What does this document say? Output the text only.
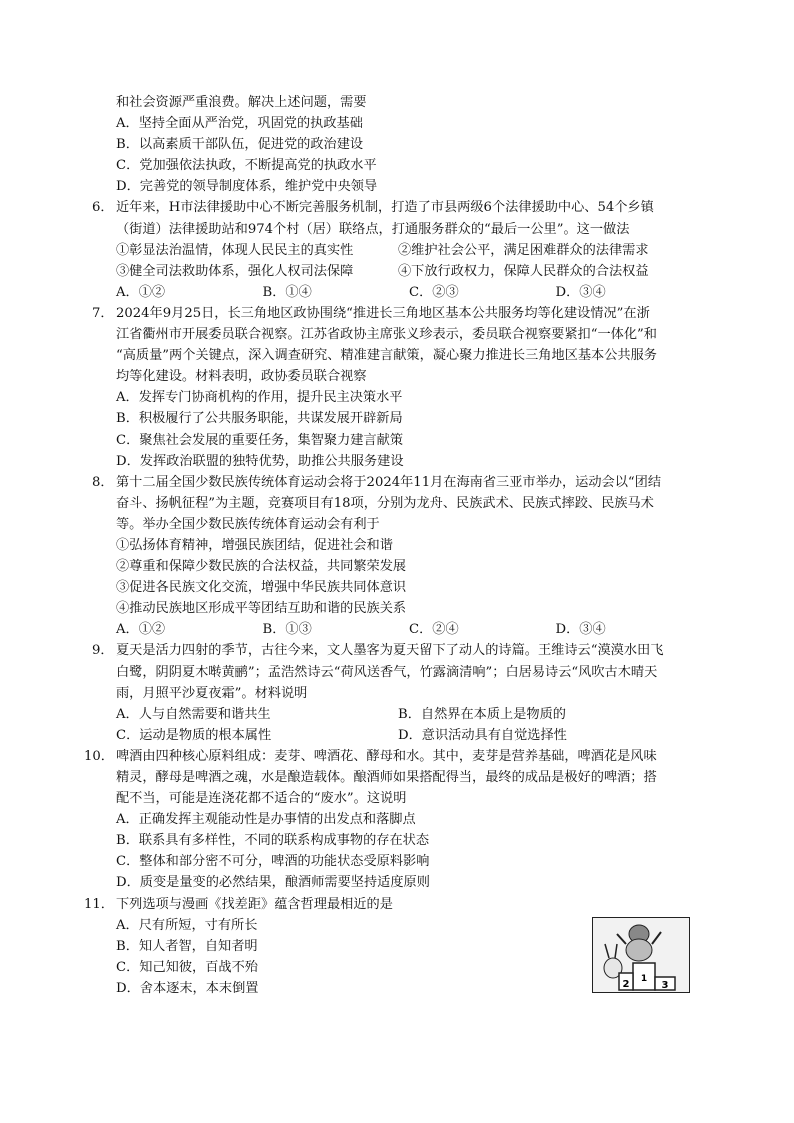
和社会资源严重浪费。解决上述问题，需要
A．坚持全面从严治党，巩固党的执政基础
B．以高素质干部队伍，促进党的政治建设
C．党加强依法执政，不断提高党的执政水平
D．完善党的领导制度体系，维护党中央领导
6． 近年来，H市法律援助中心不断完善服务机制，打造了市县两级6个法律援助中心、54个乡镇
（街道）法律援助站和974个村（居）联络点，打通服务群众的“最后一公里”。这一做法
①彰显法治温情，体现人民民主的真实性	②维护社会公平，满足困难群众的法律需求
③健全司法救助体系，强化人权司法保障	④下放行政权力，保障人民群众的合法权益
A．①②	B．①④	C．②③	D．③④
7． 2024年9月25日，长三角地区政协围绕“推进长三角地区基本公共服务均等化建设情况”在浙
江省衢州市开展委员联合视察。江苏省政协主席张义珍表示，委员联合视察要紧扣“一体化”和
“高质量”两个关键点，深入调查研究、精准建言献策，凝心聚力推进长三角地区基本公共服务
均等化建设。材料表明，政协委员联合视察
A．发挥专门协商机构的作用，提升民主决策水平
B．积极履行了公共服务职能，共谋发展开辟新局
C．聚焦社会发展的重要任务，集智聚力建言献策
D．发挥政治联盟的独特优势，助推公共服务建设
8． 第十二届全国少数民族传统体育运动会将于2024年11月在海南省三亚市举办，运动会以“团结
奋斗、扬帆征程”为主题，竞赛项目有18项，分别为龙舟、民族武术、民族式摔跤、民族马术
等。举办全国少数民族传统体育运动会有利于
①弘扬体育精神，增强民族团结，促进社会和谐
②尊重和保障少数民族的合法权益，共同繁荣发展
③促进各民族文化交流，增强中华民族共同体意识
④推动民族地区形成平等团结互助和谐的民族关系
A．①②	B．①③	C．②④	D．③④
9． 夏天是活力四射的季节，古往今来，文人墨客为夏天留下了动人的诗篇。王维诗云“漠漠水田飞
白鹭，阴阴夏木啭黄鹂”；孟浩然诗云“荷风送香气，竹露滴清响”；白居易诗云“风吹古木晴天
雨，月照平沙夏夜霜”。材料说明
A．人与自然需要和谐共生	B．自然界在本质上是物质的
C．运动是物质的根本属性	D．意识活动具有自觉选择性
10． 啤酒由四种核心原料组成：麦芽、啤酒花、酵母和水。其中，麦芽是营养基础，啤酒花是风味
精灵，酵母是啤酒之魂，水是酿造载体。酿酒师如果搭配得当，最终的成品是极好的啤酒；搭
配不当，可能是连浇花都不适合的“废水”。这说明
A．正确发挥主观能动性是办事情的出发点和落脚点
B．联系具有多样性，不同的联系构成事物的存在状态
C．整体和部分密不可分，啤酒的功能状态受原料影响
D．质变是量变的必然结果，酿酒师需要坚持适度原则
11． 下列选项与漫画《找差距》蕴含哲理最相近的是
A．尺有所短，寸有所长
B．知人者智，自知者明
C．知己知彼，百战不殆
D．舍本逐末，本末倒置
1
2	3
